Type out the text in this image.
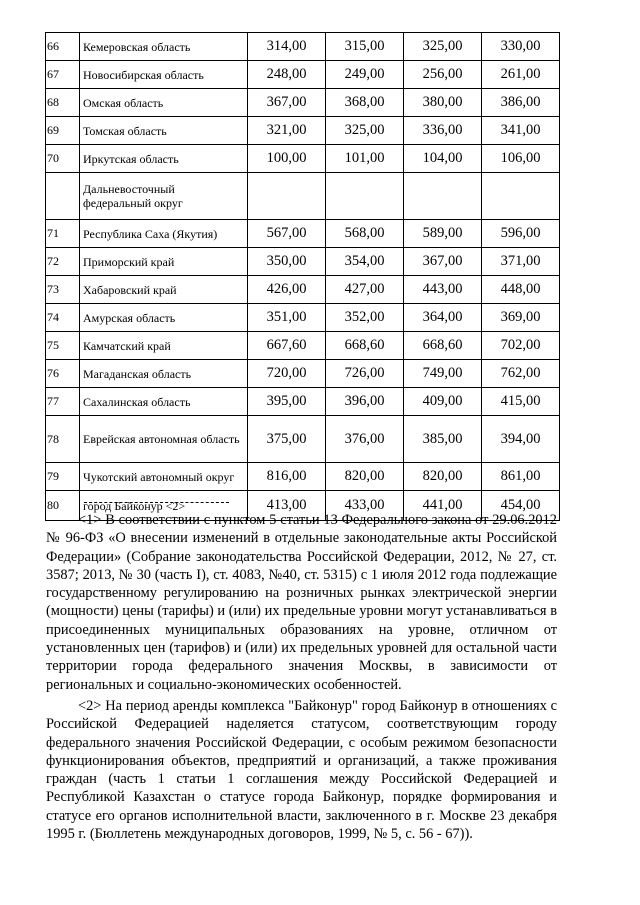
66	Кемеровская область	314,00	315,00	325,00	330,00
67	Новосибирская область	248,00	249,00	256,00	261,00
68	Омская область	367,00	368,00	380,00	386,00
69	Томская область	321,00	325,00	336,00	341,00
70	Иркутская область	100,00	101,00	104,00	106,00
	Дальневосточный федеральный округ				
71	Республика Саха (Якутия)	567,00	568,00	589,00	596,00
72	Приморский край	350,00	354,00	367,00	371,00
73	Хабаровский край	426,00	427,00	443,00	448,00
74	Амурская область	351,00	352,00	364,00	369,00
75	Камчатский край	667,60	668,60	668,60	702,00
76	Магаданская область	720,00	726,00	749,00	762,00
77	Сахалинская область	395,00	396,00	409,00	415,00
78	Еврейская автономная область	375,00	376,00	385,00	394,00
79	Чукотский автономный округ	816,00	820,00	820,00	861,00
80	город Байконур <2>	413,00	433,00	441,00	454,00

<1> В соответствии с пунктом 5 статьи 13 Федерального закона от 29.06.2012 № 96-ФЗ «О внесении изменений в отдельные законодательные акты Российской Федерации» (Собрание законодательства Российской Федерации, 2012, № 27, ст. 3587; 2013, № 30 (часть I), ст. 4083, №40, ст. 5315) с 1 июля 2012 года подлежащие государственному регулированию на розничных рынках электрической энергии (мощности) цены (тарифы) и (или) их предельные уровни могут устанавливаться в присоединенных муниципальных образованиях на уровне, отличном от установленных цен (тарифов) и (или) их предельных уровней для остальной части территории города федерального значения Москвы, в зависимости от региональных и социально-экономических особенностей.

<2> На период аренды комплекса "Байконур" город Байконур в отношениях с Российской Федерацией наделяется статусом, соответствующим городу федерального значения Российской Федерации, с особым режимом безопасности функционирования объектов, предприятий и организаций, а также проживания граждан (часть 1 статьи 1 соглашения между Российской Федерацией и Республикой Казахстан о статусе города Байконур, порядке формирования и статусе его органов исполнительной власти, заключенного в г. Москве 23 декабря 1995 г. (Бюллетень международных договоров, 1999, № 5, с. 56 - 67)).
